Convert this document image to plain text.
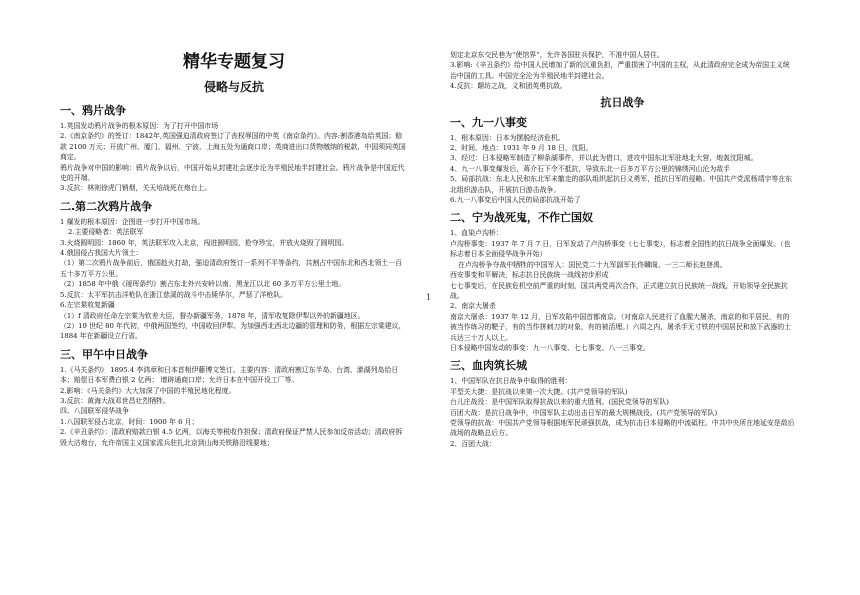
精华专题复习
侵略与反抗
一、鸦片战争

1.英国发动鸦片战争的根本原因：为了打开中国市场

2.《南京条约》的签订：1842年,英国强迫清政府签订了丧权辱国的中英《南京条约》。内容:割香港岛给英国；赔款 2100 万元；开放广州、厦门、福州、宁波、上海五处为通商口岸；英商进出口货物缴纳的税款，中国须同英国商定。

鸦片战争对中国的影响：鸦片战争以后，中国开始从封建社会逐步沦为半殖民地半封建社会。鸦片战争是中国近代史的开端。

3.反抗：林则徐虎门销烟，关天培战死在炮台上。

二.第二次鸦片战争

1 爆发的根本原因：企图进一步打开中国市场。

2.主要侵略者：英法联军

3.火烧圆明园：1860 年，英法联军攻入北京，闯进圆明园，抢夺珍宝，并放火烧毁了圆明园。

4.俄国侵占我国大片领土：

（1）第二次鸦片战争前后，俄国趁火打劫，强迫清政府签订一系列不平等条约，共割占中国东北和西北领土一百五十多万平方公里。

（2）1858 年中俄《瑷珲条约》割占东北外兴安岭以南、黑龙江以北 60 多万平方公里土地。

5.反抗：太平军抗击洋枪队在浙江慈溪的战斗中击毙华尔，严惩了洋枪队。

6.左宗棠收复新疆

（1）f 清政府任命左宗棠为钦差大臣，督办新疆军务，1878 年，清军收复除伊犁以外的新疆地区。

（2）19 世纪 80 年代初，中俄两国签约，中国收回伊犁。为加强西北西北边疆的管理和防务，根据左宗棠建议，1884 年在新疆设立行省。

三、甲午中日战争

1.《马关条约》 1895.4 李鸿章和日本首相伊藤博文签订。主要内容：清政府割辽东半岛、台湾、澎湖列岛给日本；赔偿日本军费白银 2 亿两； 增辟通商口岸；允许日本在中国开设工厂等。

2.影响：《马关条约》大大加深了中国的半殖民地化程度。

3.反抗：黄海大战邓世昌壮烈牺牲。

四、八国联军侵华战争

1.八国联军侵占北京，时间：1900 年 6 月；

2.《辛丑条约》：清政府赔款白银 4.5 亿两，以海关等税收作担保；清政府保证严禁人民参加反帝活动；清政府拆毁大沽炮台，允许帝国主义国家派兵驻扎北京到山海关铁路沿线要地；

1

划定北京东交民巷为“使馆界”，允许各国驻兵保护，不准中国人居住。

3.影响:《辛丑条约》给中国人民增加了新的沉重负担，严重损害了中国的主权，从此清政府完全成为帝国主义统治中国的工具。中国完全沦为半殖民地半封建社会。

4.反抗：颠坊之战，义和团英勇抗敌。

抗日战争
一、九一八事变

1、根本原因：日本为摆脱经济危机。

2、时间、地点：1931 年 9 月 18 日、沈阳。

3、经过：日本侵略军制造了柳条湖事件，并以此为借口，进攻中国东北军驻地北大营，炮轰沈阳城。

4、九一八事变爆发后，蒋介石下令不抵抗，导致东北一百多万平方公里的锦绣河山沦为敌手

5、局部抗战：东北人民和东北军未撤走的部队组织起抗日义勇军，抵抗日军的侵略。中国共产党派杨靖宇等在东北组织游击队，开展抗日游击战争。

6.九一八事变后中国人民的局部抗战开始了

二、宁为战死鬼，不作亡国奴

1、血染卢沟桥：

卢沟桥事变：1937 年 7 月 7 日，日军发动了卢沟桥事变（七七事变），标志着全国性的抗日战争全面爆发。（也标志着日本全面侵华战争开始）

在卢沟桥争夺战中牺牲的中国军人：国民党二十九军副军长佟麟阁、一三二师长赵登禹。

西安事变和平解决，标志抗日民族统一战线初步形成

七七事变后，在民族危机空前严重的时刻，国共两党再次合作，正式建立抗日民族统一战线，开始领导全民族抗战。

2、南京大屠杀

南京大屠杀：1937 年 12 月，日军攻陷中国首都南京。（对南京人民进行了血腥大屠杀，南京的和平居民，有的被当作练习的靶子，有的当作拼刺刀的对象，有的被活埋。）六周之内，屠杀手无寸铁的中国居民和放下武器的士兵达三十万人以上。

日本侵略中国发动的事变：九一八事变、七七事变、八一三事变。

三、血肉筑长城

1、中国军队在抗日战争中取得的胜利：

平型关大捷：是抗战以来第一次大捷。(共产党领导的军队)

台儿庄战役：是中国军队取得抗战以来的重大胜利。(国民党领导的军队)

百团大战：是抗日战争中，中国军队主动出击日军的最大规模战役。(共产党领导的军队)

党领导的抗战：中国共产党领导根据地军民顽强抗战，成为抗击日本侵略的中流砥柱。中共中央所在地延安是敌后战场的战略总后方。

2、百团大战：
